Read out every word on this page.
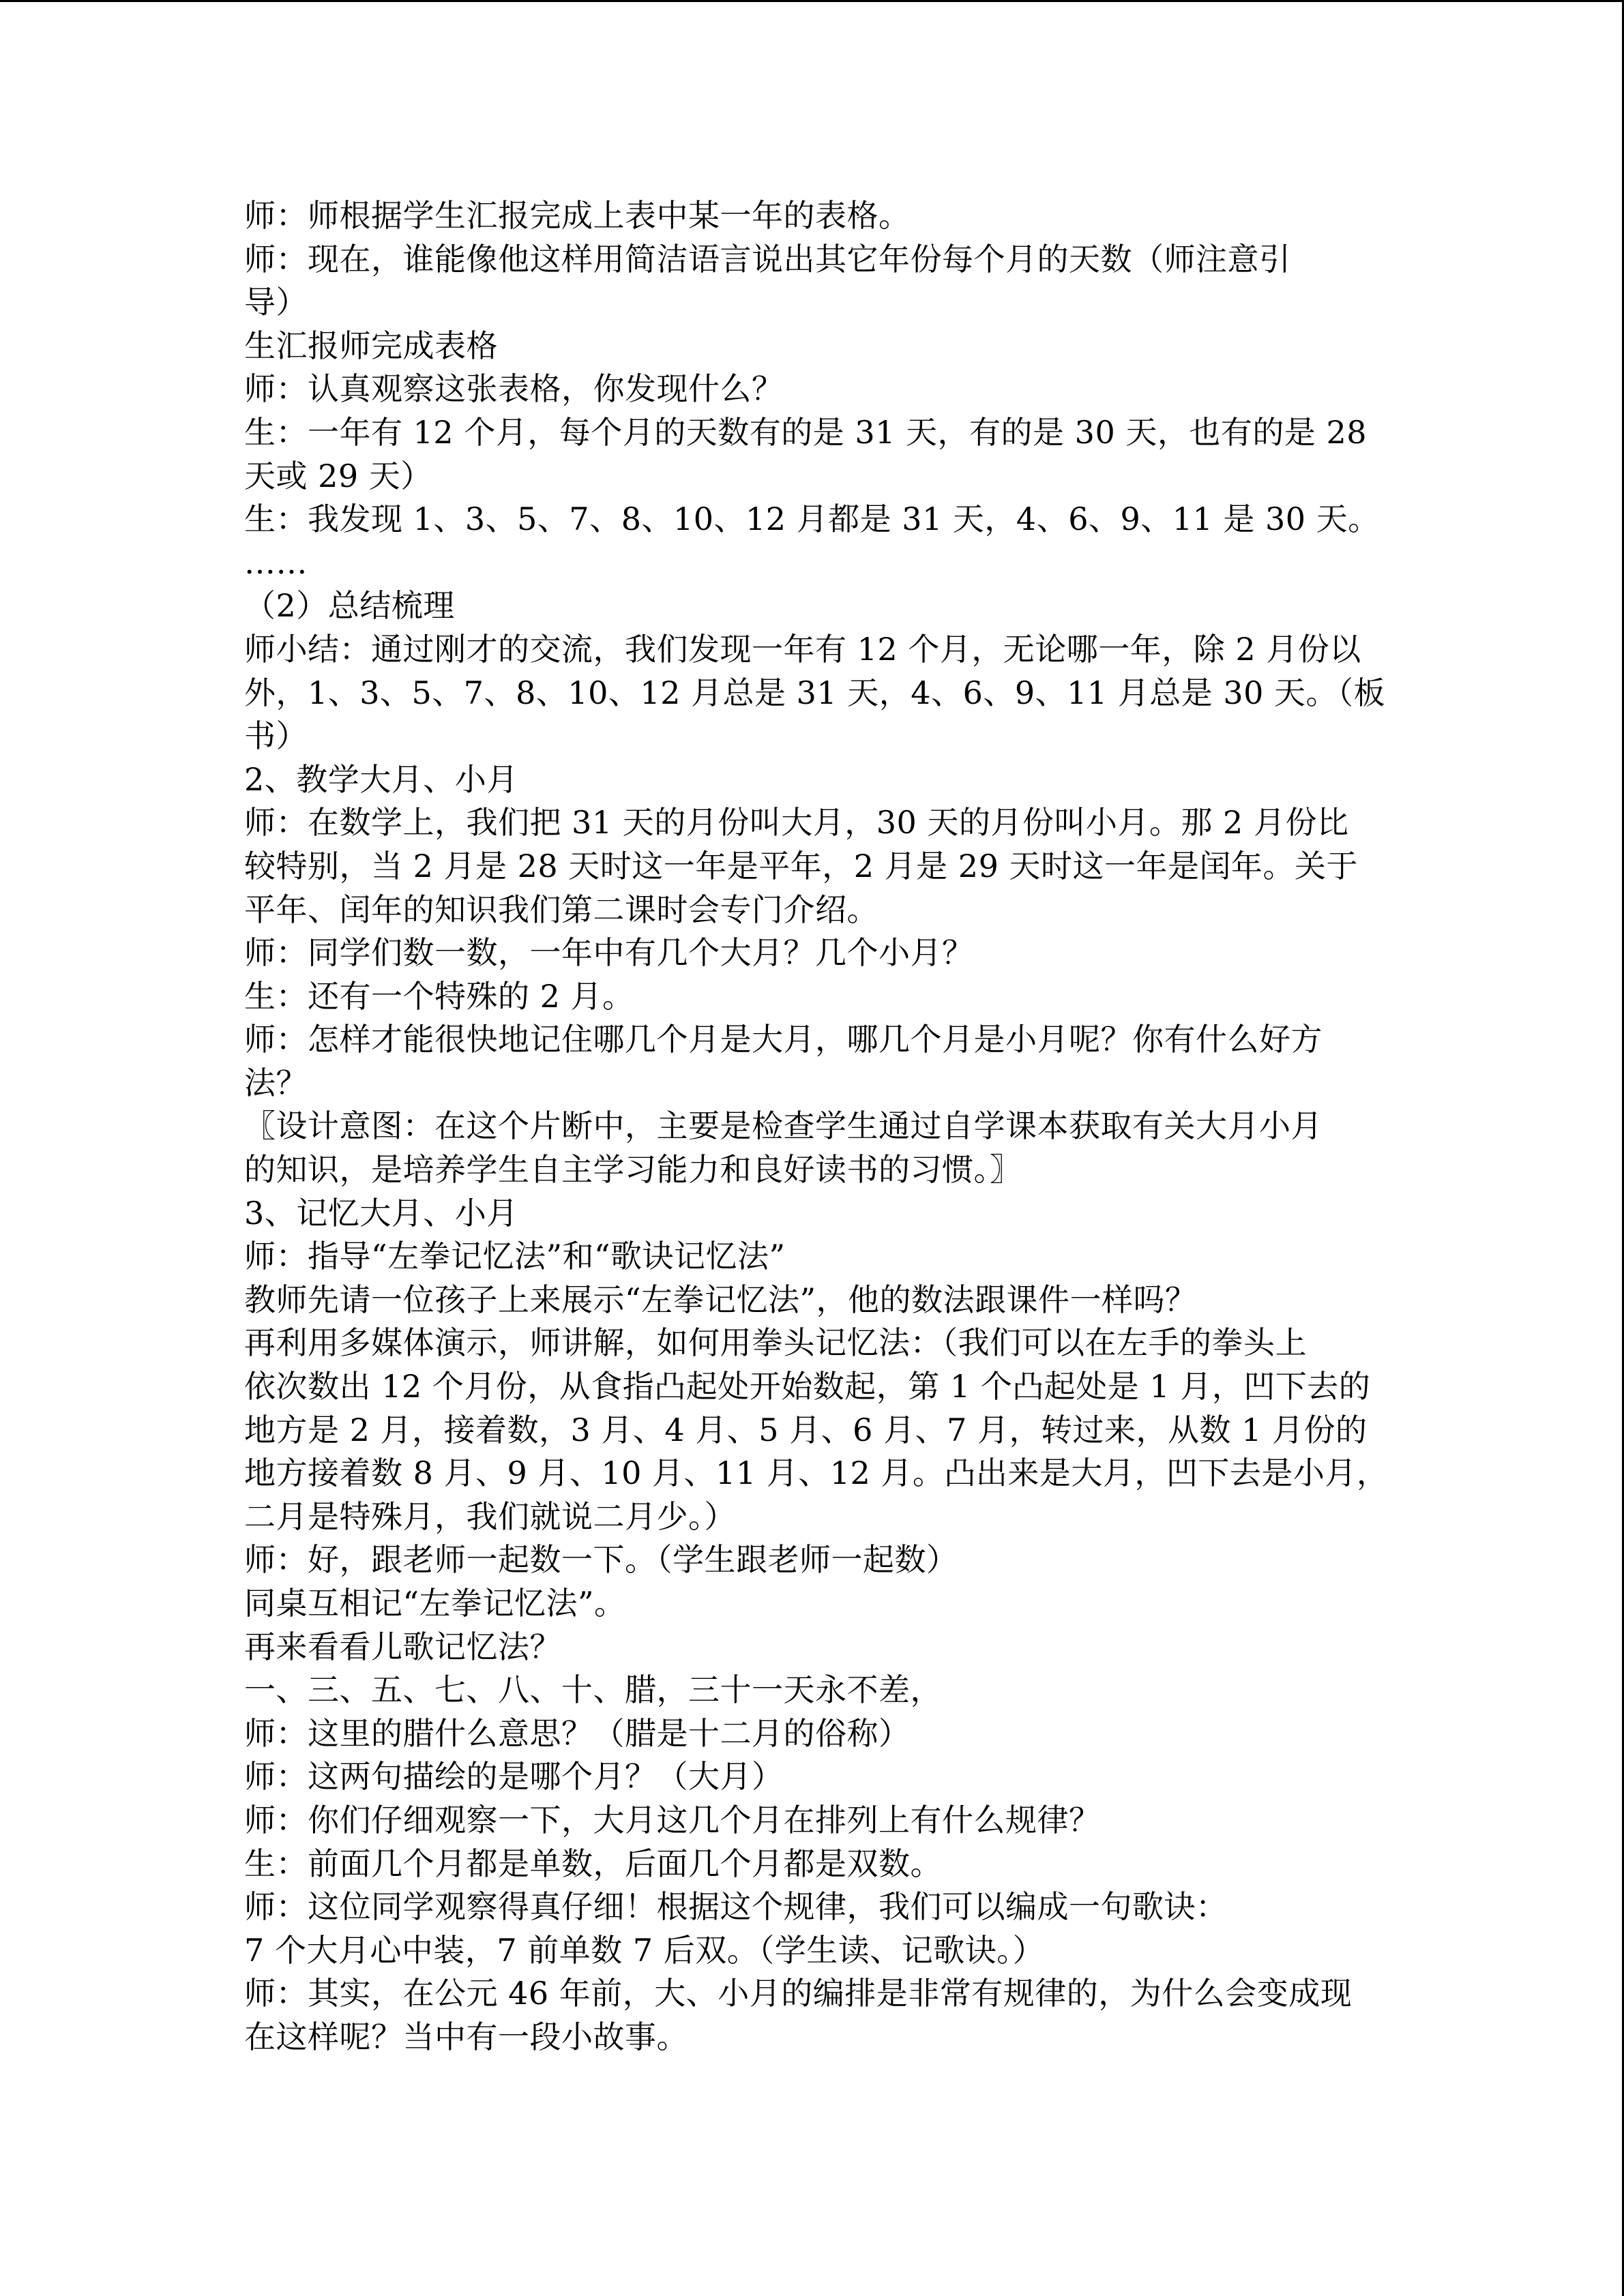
师：师根据学生汇报完成上表中某一年的表格。
师：现在，谁能像他这样用简洁语言说出其它年份每个月的天数（师注意引
导）
生汇报师完成表格
师：认真观察这张表格，你发现什么？
生：一年有 12 个月，每个月的天数有的是 31 天，有的是 30 天，也有的是 28
天或 29 天）
生：我发现 1、3、5、7、8、10、12 月都是 31 天，4、6、9、11 是 30 天。
……
（2）总结梳理
师小结：通过刚才的交流，我们发现一年有 12 个月，无论哪一年，除 2 月份以
外，1、3、5、7、8、10、12 月总是 31 天，4、6、9、11 月总是 30 天。（板
书）
2、教学大月、小月
师：在数学上，我们把 31 天的月份叫大月，30 天的月份叫小月。那 2 月份比
较特别，当 2 月是 28 天时这一年是平年，2 月是 29 天时这一年是闰年。关于
平年、闰年的知识我们第二课时会专门介绍。
师：同学们数一数，一年中有几个大月？几个小月？
生：还有一个特殊的 2 月。
师：怎样才能很快地记住哪几个月是大月，哪几个月是小月呢？你有什么好方
法？
〖设计意图：在这个片断中，主要是检查学生通过自学课本获取有关大月小月
的知识，是培养学生自主学习能力和良好读书的习惯。〗
3、记忆大月、小月
师：指导“左拳记忆法”和“歌诀记忆法”
教师先请一位孩子上来展示“左拳记忆法”，他的数法跟课件一样吗？
再利用多媒体演示，师讲解，如何用拳头记忆法：（我们可以在左手的拳头上
依次数出 12 个月份，从食指凸起处开始数起，第 1 个凸起处是 1 月，凹下去的
地方是 2 月，接着数，3 月、4 月、5 月、6 月、7 月，转过来，从数 1 月份的
地方接着数 8 月、9 月、10 月、11 月、12 月。凸出来是大月，凹下去是小月，
二月是特殊月，我们就说二月少。）
师：好，跟老师一起数一下。（学生跟老师一起数）
同桌互相记“左拳记忆法”。
再来看看儿歌记忆法？
一、三、五、七、八、十、腊，三十一天永不差，
师：这里的腊什么意思？（腊是十二月的俗称）
师：这两句描绘的是哪个月？（大月）
师：你们仔细观察一下，大月这几个月在排列上有什么规律？
生：前面几个月都是单数，后面几个月都是双数。
师：这位同学观察得真仔细！根据这个规律，我们可以编成一句歌诀：
7 个大月心中装，7 前单数 7 后双。（学生读、记歌诀。）
师：其实，在公元 46 年前，大、小月的编排是非常有规律的，为什么会变成现
在这样呢？当中有一段小故事。
